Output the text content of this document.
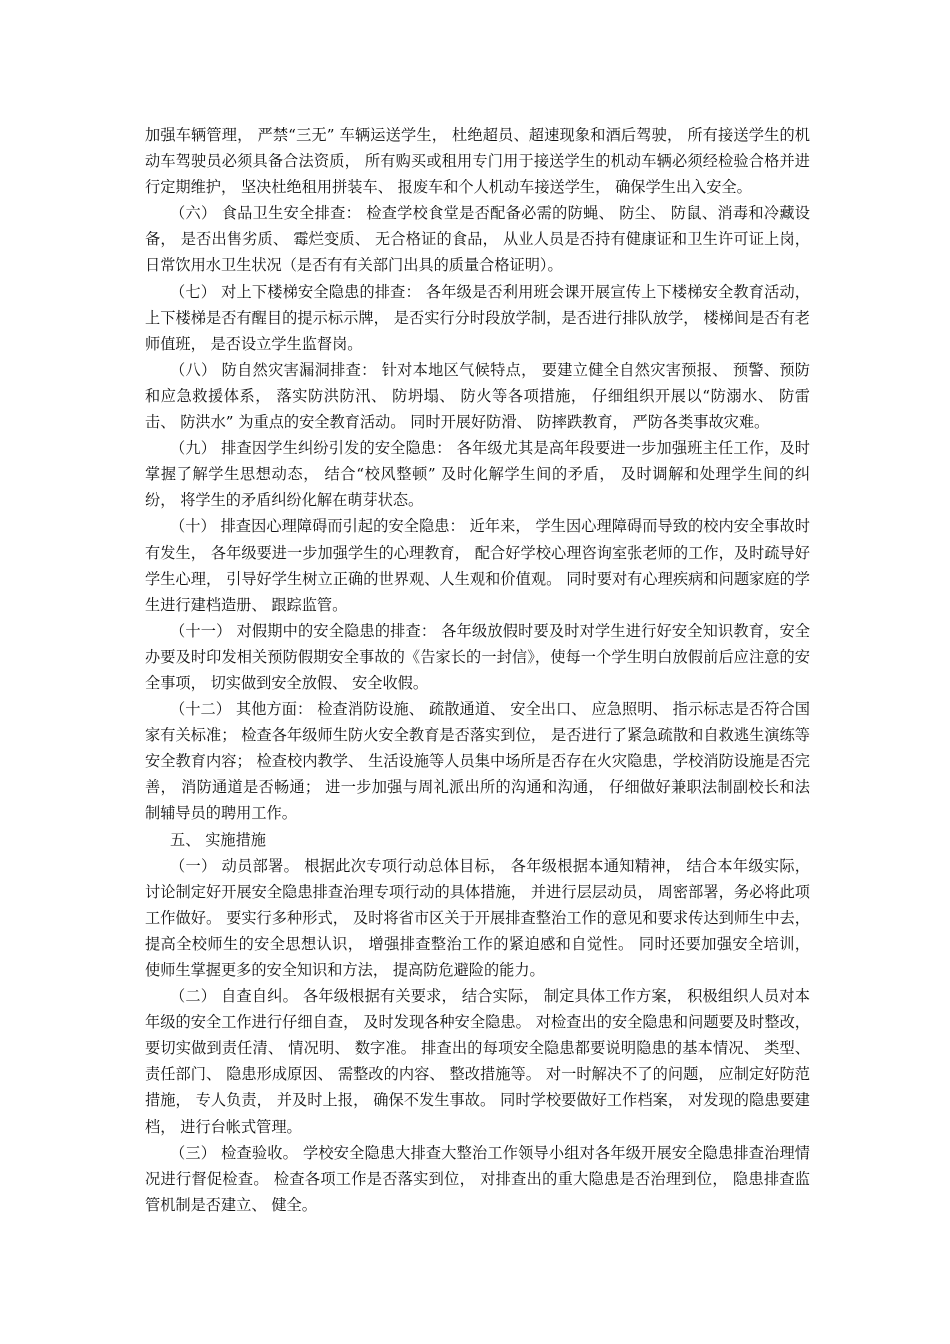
加强车辆管理， 严禁“三无” 车辆运送学生， 杜绝超员、超速现象和酒后驾驶， 所有接送学生的机动车驾驶员必须具备合法资质， 所有购买或租用专门用于接送学生的机动车辆必须经检验合格并进行定期维护， 坚决杜绝租用拼装车、 报废车和个人机动车接送学生， 确保学生出入安全。

（六） 食品卫生安全排查： 检查学校食堂是否配备必需的防蝇、 防尘、 防鼠、消毒和冷藏设备， 是否出售劣质、 霉烂变质、 无合格证的食品， 从业人员是否持有健康证和卫生许可证上岗， 日常饮用水卫生状况（是否有有关部门出具的质量合格证明）。

（七） 对上下楼梯安全隐患的排查： 各年级是否利用班会课开展宣传上下楼梯安全教育活动， 上下楼梯是否有醒目的提示标示牌， 是否实行分时段放学制，是否进行排队放学， 楼梯间是否有老师值班， 是否设立学生监督岗。

（八） 防自然灾害漏洞排查： 针对本地区气候特点， 要建立健全自然灾害预报、 预警、预防和应急救援体系， 落实防洪防汛、 防坍塌、 防火等各项措施， 仔细组织开展以“防溺水、 防雷击、 防洪水” 为重点的安全教育活动。 同时开展好防滑、 防摔跌教育， 严防各类事故灾难。

（九） 排查因学生纠纷引发的安全隐患： 各年级尤其是高年段要进一步加强班主任工作，及时掌握了解学生思想动态， 结合“校风整顿” 及时化解学生间的矛盾， 及时调解和处理学生间的纠纷， 将学生的矛盾纠纷化解在萌芽状态。

（十） 排查因心理障碍而引起的安全隐患： 近年来， 学生因心理障碍而导致的校内安全事故时有发生， 各年级要进一步加强学生的心理教育， 配合好学校心理咨询室张老师的工作，及时疏导好学生心理， 引导好学生树立正确的世界观、人生观和价值观。 同时要对有心理疾病和问题家庭的学生进行建档造册、 跟踪监管。

（十一） 对假期中的安全隐患的排查： 各年级放假时要及时对学生进行好安全知识教育，安全办要及时印发相关预防假期安全事故的《告家长的一封信》，使每一个学生明白放假前后应注意的安全事项， 切实做到安全放假、 安全收假。

（十二） 其他方面： 检查消防设施、 疏散通道、 安全出口、 应急照明、 指示标志是否符合国家有关标准； 检查各年级师生防火安全教育是否落实到位， 是否进行了紧急疏散和自救逃生演练等安全教育内容； 检查校内教学、 生活设施等人员集中场所是否存在火灾隐患，学校消防设施是否完善， 消防通道是否畅通； 进一步加强与周礼派出所的沟通和沟通， 仔细做好兼职法制副校长和法制辅导员的聘用工作。

五、 实施措施

（一） 动员部署。 根据此次专项行动总体目标， 各年级根据本通知精神， 结合本年级实际， 讨论制定好开展安全隐患排查治理专项行动的具体措施， 并进行层层动员， 周密部署，务必将此项工作做好。 要实行多种形式， 及时将省市区关于开展排查整治工作的意见和要求传达到师生中去， 提高全校师生的安全思想认识， 增强排查整治工作的紧迫感和自觉性。 同时还要加强安全培训， 使师生掌握更多的安全知识和方法， 提高防危避险的能力。

（二） 自查自纠。 各年级根据有关要求， 结合实际， 制定具体工作方案， 积极组织人员对本年级的安全工作进行仔细自查， 及时发现各种安全隐患。 对检查出的安全隐患和问题要及时整改， 要切实做到责任清、 情况明、 数字准。 排查出的每项安全隐患都要说明隐患的基本情况、 类型、 责任部门、 隐患形成原因、 需整改的内容、 整改措施等。 对一时解决不了的问题， 应制定好防范措施， 专人负责， 并及时上报， 确保不发生事故。 同时学校要做好工作档案， 对发现的隐患要建档， 进行台帐式管理。

（三） 检查验收。 学校安全隐患大排查大整治工作领导小组对各年级开展安全隐患排查治理情况进行督促检查。 检查各项工作是否落实到位， 对排查出的重大隐患是否治理到位， 隐患排查监管机制是否建立、 健全。
